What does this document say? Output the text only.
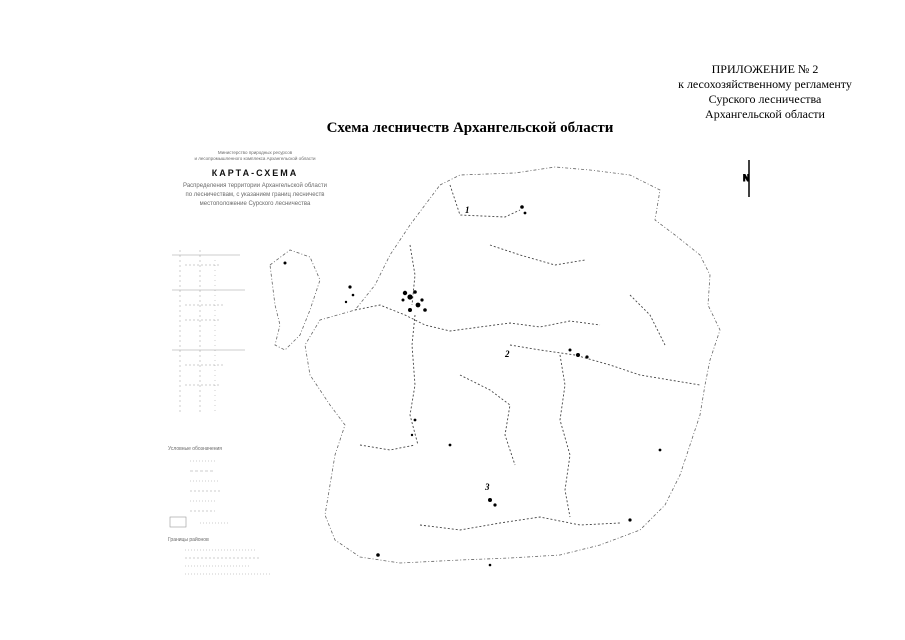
ПРИЛОЖЕНИЕ № 2
к лесохозяйственному регламенту
Сурского лесничества
Архангельской области
Схема лесничеств Архангельской области
Министерство природных ресурсов
и лесопромышленного комплекса Архангельской области
КАРТА-СХЕМА
Распределения территории Архангельской области
по лесничествам, с указанием границ лесничеств
местоположение Сурского лесничества
Условные обозначения
Границы районов
N
1
2
3
